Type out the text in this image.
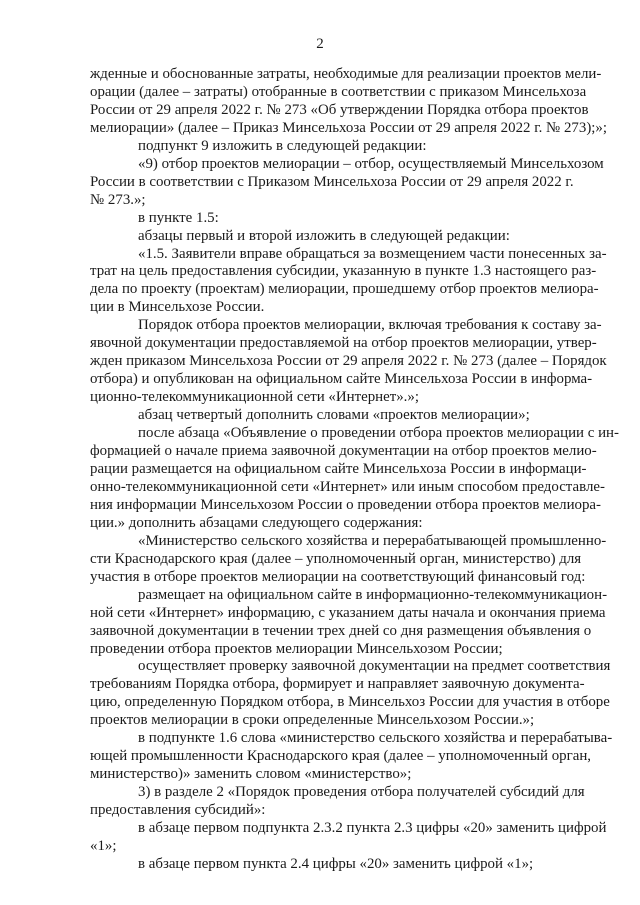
2
жденные и обоснованные затраты, необходимые для реализации проектов мели-
орации (далее – затраты) отобранные в соответствии с приказом Минсельхоза
России от 29 апреля 2022 г. № 273 «Об утверждении Порядка отбора проектов
мелиорации» (далее – Приказ Минсельхоза России от 29 апреля 2022 г. № 273);»;
подпункт 9 изложить в следующей редакции:
«9) отбор проектов мелиорации – отбор, осуществляемый Минсельхозом
России в соответствии с Приказом Минсельхоза России от 29 апреля 2022 г.
№ 273.»;
в пункте 1.5:
абзацы первый и второй изложить в следующей редакции:
«1.5. Заявители вправе обращаться за возмещением части понесенных за-
трат на цель предоставления субсидии, указанную в пункте 1.3 настоящего раз-
дела по проекту (проектам) мелиорации, прошедшему отбор проектов мелиора-
ции в Минсельхозе России.
Порядок отбора проектов мелиорации, включая требования к составу за-
явочной документации предоставляемой на отбор проектов мелиорации, утвер-
жден приказом Минсельхоза России от 29 апреля 2022 г. № 273 (далее – Порядок
отбора) и опубликован на официальном сайте Минсельхоза России в информа-
ционно-телекоммуникационной сети «Интернет».»;
абзац четвертый дополнить словами «проектов мелиорации»;
после абзаца «Объявление о проведении отбора проектов мелиорации с ин-
формацией о начале приема заявочной документации на отбор проектов мелио-
рации размещается на официальном сайте Минсельхоза России в информаци-
онно-телекоммуникационной сети «Интернет» или иным способом предоставле-
ния информации Минсельхозом России о проведении отбора проектов мелиора-
ции.» дополнить абзацами следующего содержания:
«Министерство сельского хозяйства и перерабатывающей промышленно-
сти Краснодарского края (далее – уполномоченный орган, министерство) для
участия в отборе проектов мелиорации на соответствующий финансовый год:
размещает на официальном сайте в информационно-телекоммуникацион-
ной сети «Интернет» информацию, с указанием даты начала и окончания приема
заявочной документации в течении трех дней со дня размещения объявления о
проведении отбора проектов мелиорации Минсельхозом России;
осуществляет проверку заявочной документации на предмет соответствия
требованиям Порядка отбора, формирует и направляет заявочную документа-
цию, определенную Порядком отбора, в Минсельхоз России для участия в отборе
проектов мелиорации в сроки определенные Минсельхозом России.»;
в подпункте 1.6 слова «министерство сельского хозяйства и перерабатыва-
ющей промышленности Краснодарского края (далее – уполномоченный орган,
министерство)» заменить словом «министерство»;
3) в разделе 2 «Порядок проведения отбора получателей субсидий для
предоставления субсидий»:
в абзаце первом подпункта 2.3.2 пункта 2.3 цифры «20» заменить цифрой
«1»;
в абзаце первом пункта 2.4 цифры «20» заменить цифрой «1»;
